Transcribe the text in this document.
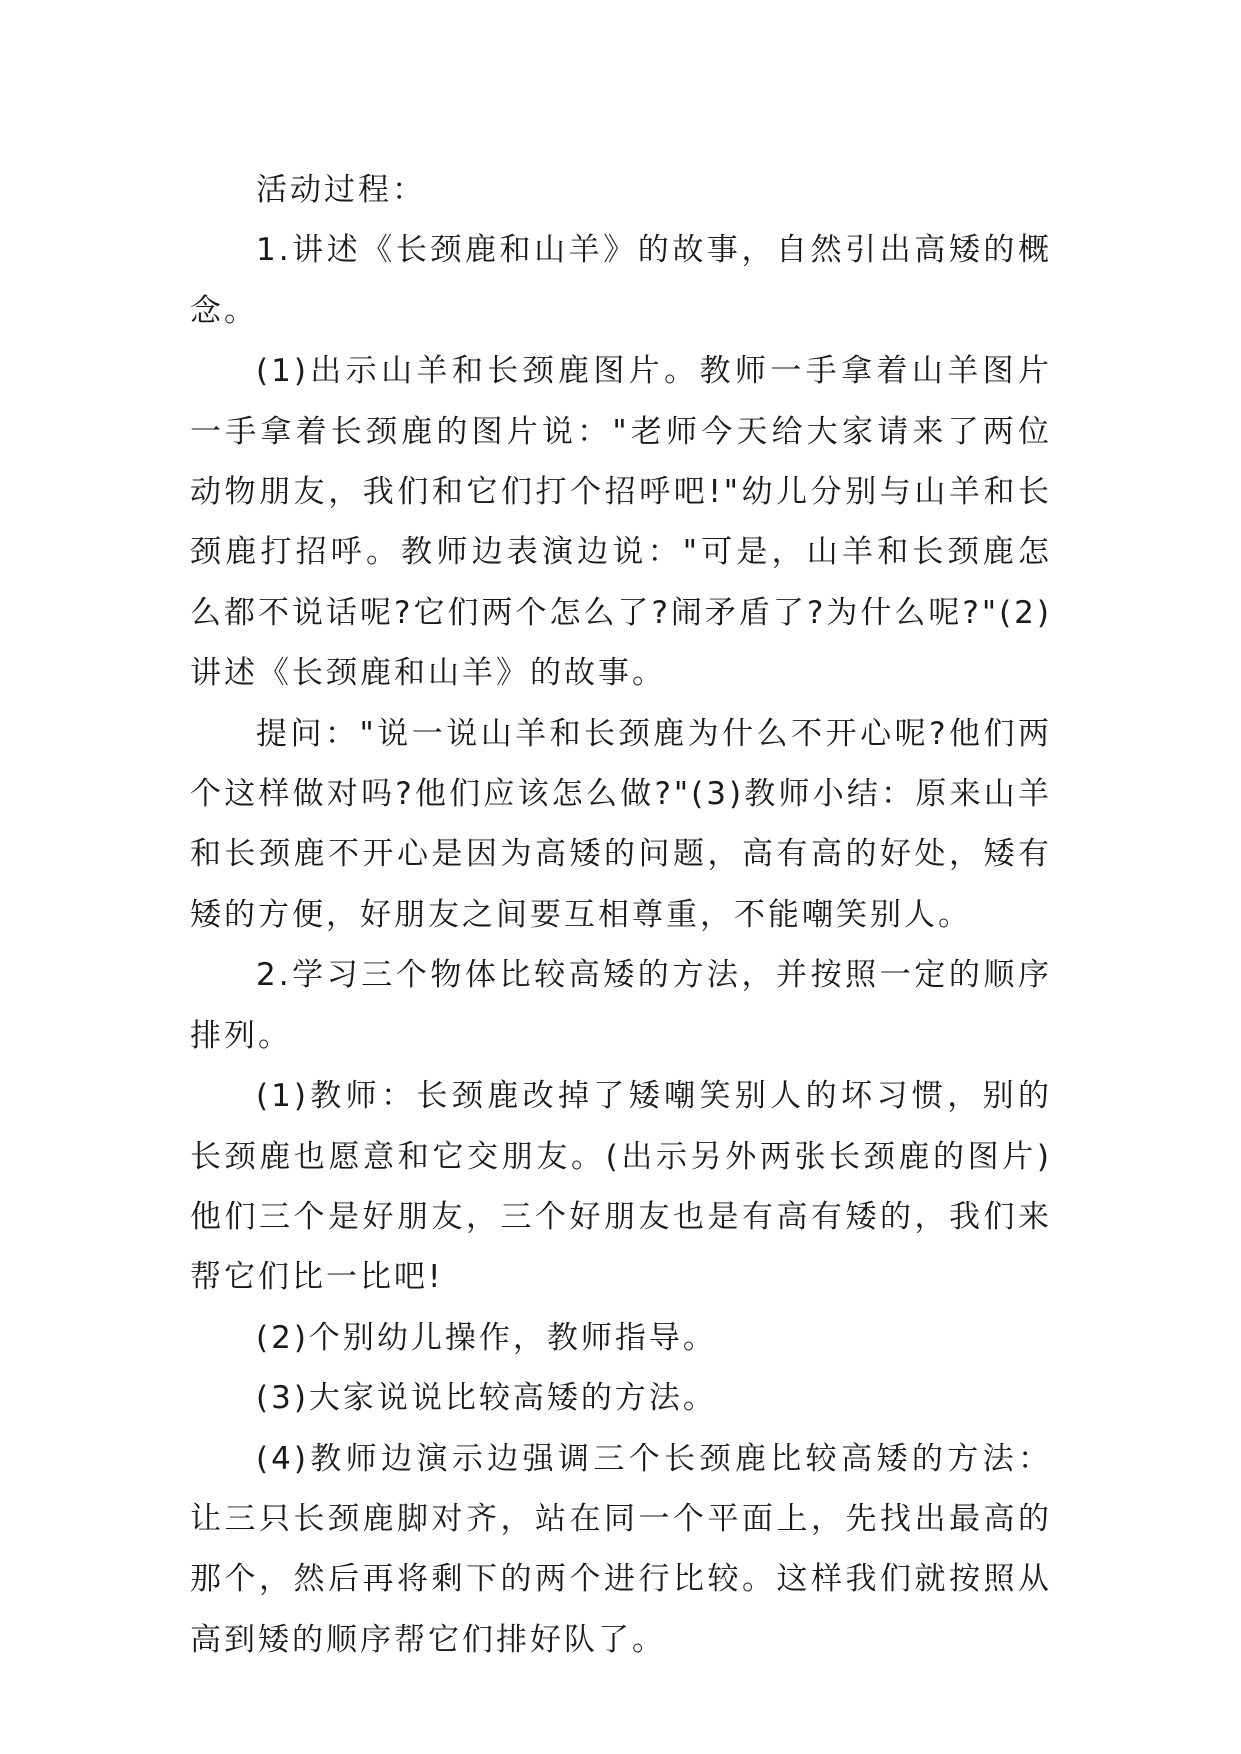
活动过程：

1.讲述《长颈鹿和山羊》的故事，自然引出高矮的概念。

(1)出示山羊和长颈鹿图片。教师一手拿着山羊图片一手拿着长颈鹿的图片说："老师今天给大家请来了两位动物朋友，我们和它们打个招呼吧!"幼儿分别与山羊和长颈鹿打招呼。教师边表演边说："可是，山羊和长颈鹿怎么都不说话呢?它们两个怎么了?闹矛盾了?为什么呢?"(2)讲述《长颈鹿和山羊》的故事。

提问："说一说山羊和长颈鹿为什么不开心呢?他们两个这样做对吗?他们应该怎么做?"(3)教师小结：原来山羊和长颈鹿不开心是因为高矮的问题，高有高的好处，矮有矮的方便，好朋友之间要互相尊重，不能嘲笑别人。

2.学习三个物体比较高矮的方法，并按照一定的顺序排列。

(1)教师：长颈鹿改掉了矮嘲笑别人的坏习惯，别的长颈鹿也愿意和它交朋友。(出示另外两张长颈鹿的图片)他们三个是好朋友，三个好朋友也是有高有矮的，我们来帮它们比一比吧!

(2)个别幼儿操作，教师指导。

(3)大家说说比较高矮的方法。

(4)教师边演示边强调三个长颈鹿比较高矮的方法：让三只长颈鹿脚对齐，站在同一个平面上，先找出最高的那个，然后再将剩下的两个进行比较。这样我们就按照从高到矮的顺序帮它们排好队了。
